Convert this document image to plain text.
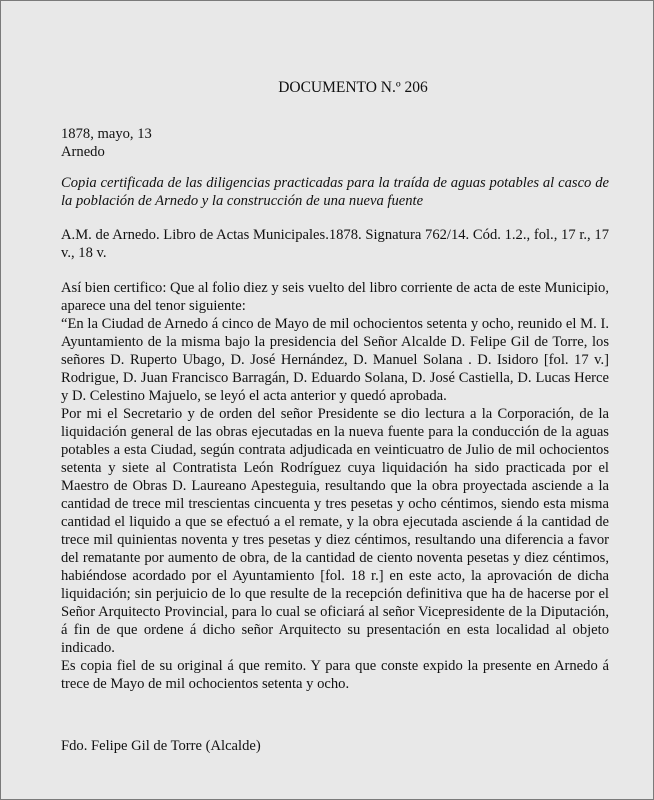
DOCUMENTO N.º 206
1878, mayo, 13
Arnedo
Copia certificada de las diligencias practicadas para la traída de aguas potables al casco de la población de Arnedo y la construcción de una nueva fuente
A.M. de Arnedo. Libro de Actas Municipales.1878. Signatura 762/14. Cód. 1.2., fol., 17 r., 17 v., 18 v.

Así bien certifico: Que al folio diez y seis vuelto del libro corriente de acta de este Municipio, aparece una del tenor siguiente:

“En la Ciudad de Arnedo á cinco de Mayo de mil ochocientos setenta y ocho, reunido el M. I. Ayuntamiento de la misma bajo la presidencia del Señor Alcalde D. Felipe Gil de Torre, los señores D. Ruperto Ubago, D. José Hernández, D. Manuel Solana . D. Isidoro [fol. 17 v.] Rodrigue, D. Juan Francisco Barragán, D. Eduardo Solana, D. José Castiella, D. Lucas Herce y D. Celestino Majuelo, se leyó el acta anterior y quedó aprobada.

Por mi el Secretario y de orden del señor Presidente se dio lectura a la Corporación, de la liquidación general de las obras ejecutadas en la nueva fuente para la conducción de la aguas potables a esta Ciudad, según contrata adjudicada en veinticuatro de Julio de mil ochocientos setenta y siete al Contratista León Rodríguez cuya liquidación ha sido practicada por el Maestro de Obras D. Laureano Apesteguia, resultando que la obra proyectada asciende a la cantidad de trece mil trescientas cincuenta y tres pesetas y ocho céntimos, siendo esta misma cantidad el liquido a que se efectuó a el remate, y la obra ejecutada asciende á la cantidad de trece mil quinientas noventa y tres pesetas y diez céntimos, resultando una diferencia a favor del rematante por aumento de obra, de la cantidad de ciento noventa pesetas y diez céntimos, habiéndose acordado por el Ayuntamiento [fol. 18 r.] en este acto, la aprovación de dicha liquidación; sin perjuicio de lo que resulte de la recepción definitiva que ha de hacerse por el Señor Arquitecto Provincial, para lo cual se oficiará al señor Vicepresidente de la Diputación, á fin de que ordene á dicho señor Arquitecto su presentación en esta localidad al objeto indicado.

Es copia fiel de su original á que remito. Y para que conste expido la presente en Arnedo á trece de Mayo de mil ochocientos setenta y ocho.

Fdo. Felipe Gil de Torre (Alcalde)
